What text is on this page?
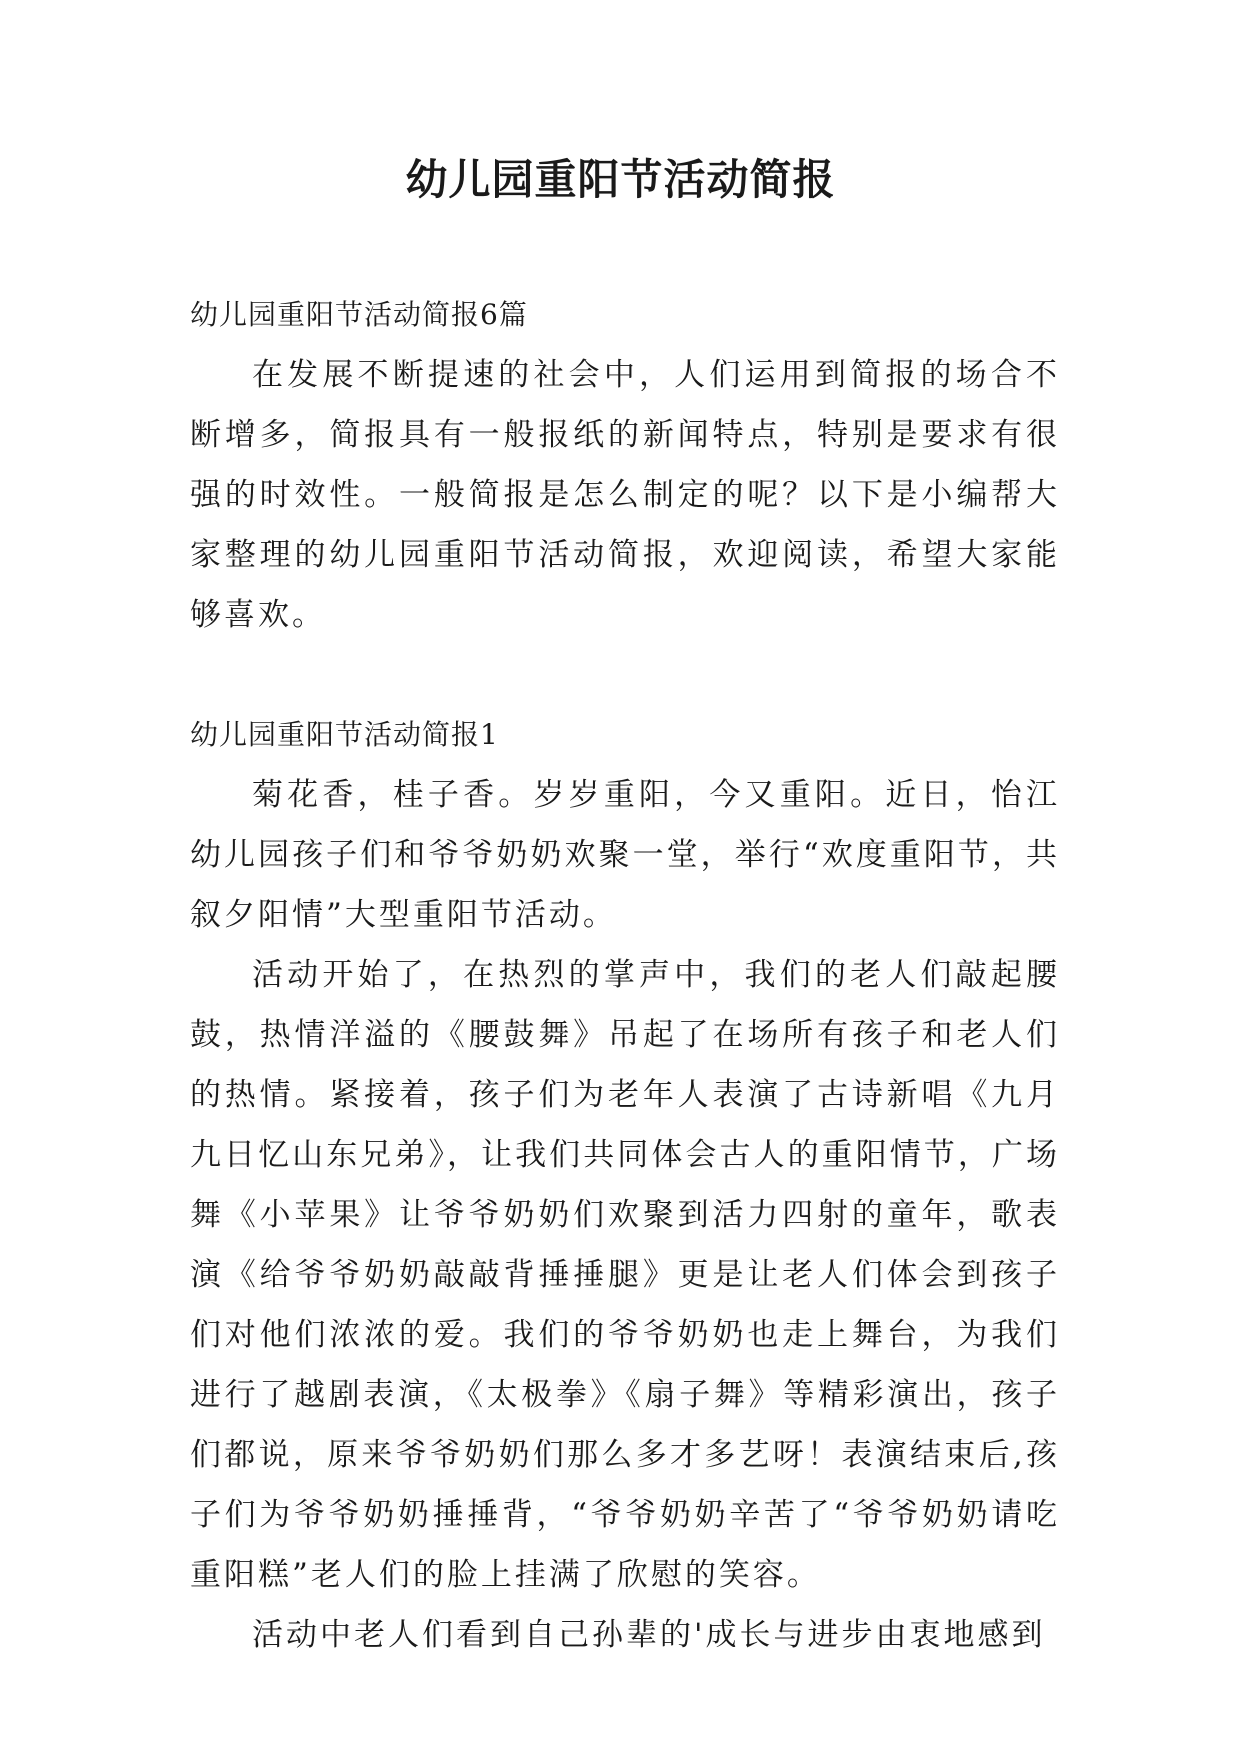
幼儿园重阳节活动简报

幼儿园重阳节活动简报6篇

在发展不断提速的社会中，人们运用到简报的场合不断增多，简报具有一般报纸的新闻特点，特别是要求有很强的时效性。一般简报是怎么制定的呢？以下是小编帮大家整理的幼儿园重阳节活动简报，欢迎阅读，希望大家能够喜欢。

幼儿园重阳节活动简报1

菊花香，桂子香。岁岁重阳，今又重阳。近日，怡江幼儿园孩子们和爷爷奶奶欢聚一堂，举行“欢度重阳节，共叙夕阳情”大型重阳节活动。

活动开始了，在热烈的掌声中，我们的老人们敲起腰鼓，热情洋溢的《腰鼓舞》吊起了在场所有孩子和老人们的热情。紧接着，孩子们为老年人表演了古诗新唱《九月九日忆山东兄弟》，让我们共同体会古人的重阳情节，广场舞《小苹果》让爷爷奶奶们欢聚到活力四射的童年，歌表演《给爷爷奶奶敲敲背捶捶腿》更是让老人们体会到孩子们对他们浓浓的爱。我们的爷爷奶奶也走上舞台，为我们进行了越剧表演，《太极拳》《扇子舞》等精彩演出，孩子们都说，原来爷爷奶奶们那么多才多艺呀！表演结束后,孩子们为爷爷奶奶捶捶背，“爷爷奶奶辛苦了“爷爷奶奶请吃重阳糕”老人们的脸上挂满了欣慰的笑容。

活动中老人们看到自己孙辈的'成长与进步由衷地感到
